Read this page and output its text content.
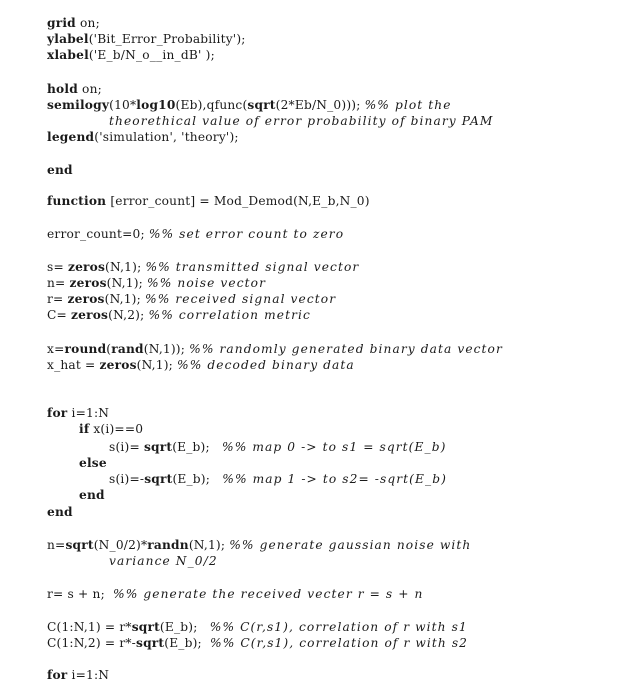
grid on;
ylabel('Bit_Error_Probability');
xlabel('E_b/N_o__in_dB' );
hold on;
semilogy(10*log10(Eb),qfunc(sqrt(2*Eb/N_0))); %% plot the
theorethical value of error probability of binary PAM
legend('simulation', 'theory');
end
function [error_count] = Mod_Demod(N,E_b,N_0)
error_count=0; %% set error count to zero
s= zeros(N,1); %% transmitted signal vector
n= zeros(N,1); %% noise vector
r= zeros(N,1); %% received signal vector
C= zeros(N,2); %% correlation metric
x=round(rand(N,1)); %% randomly generated binary data vector
x_hat = zeros(N,1); %% decoded binary data
for i=1:N
if x(i)==0
s(i)= sqrt(E_b);   %% map 0 -> to s1 = sqrt(E_b)
else
s(i)=-sqrt(E_b);   %% map 1 -> to s2= -sqrt(E_b)
end
end
n=sqrt(N_0/2)*randn(N,1); %% generate gaussian noise with
variance N_0/2
r= s + n;  %% generate the received vecter r = s + n
C(1:N,1) = r*sqrt(E_b);   %% C(r,s1), correlation of r with s1
C(1:N,2) = r*-sqrt(E_b);  %% C(r,s1), correlation of r with s2
for i=1:N
